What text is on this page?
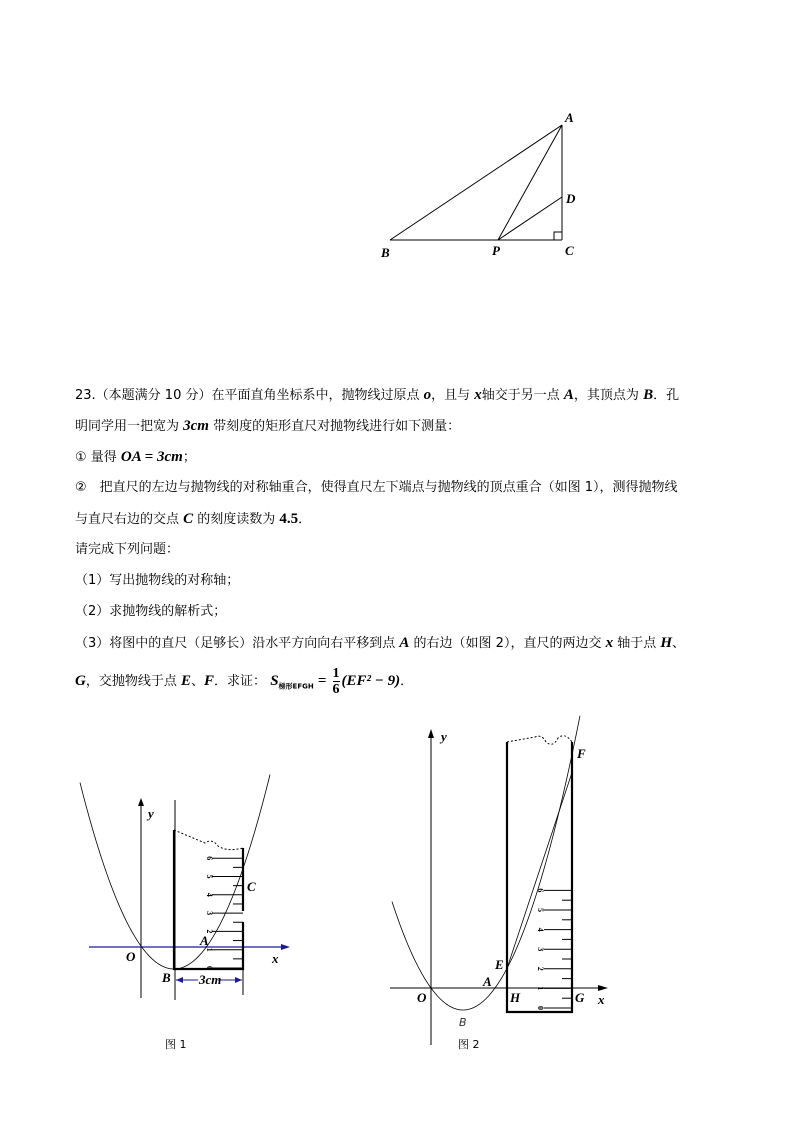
A
D
B	P	C
23.（本题满分 10 分）在平面直角坐标系中，抛物线过原点 o，且与 x轴交于另一点 A，其顶点为 B．孔
明同学用一把宽为 3cm 带刻度的矩形直尺对抛物线进行如下测量：
① 量得 OA = 3cm；
②　把直尺的左边与抛物线的对称轴重合，使得直尺左下端点与抛物线的顶点重合（如图 1），测得抛物线
与直尺右边的交点 C 的刻度读数为 4.5．
请完成下列问题：
（1）写出抛物线的对称轴；
（2）求抛物线的解析式；
（3）将图中的直尺（足够长）沿水平方向向右平移到点 A 的右边（如图 2），直尺的两边交 x 轴于点 H、
G，交抛物线于点 E、F．求证： $S_{梯形EFGH} = \frac{1}{6} (EF^2 - 9)$．
0
1
2
3
4
5
6
3cm
y
x
O
A
B
C
图 1
0
1
2
3
4
5
6
y
x
O
A
B
E
F
H	G
图 2
